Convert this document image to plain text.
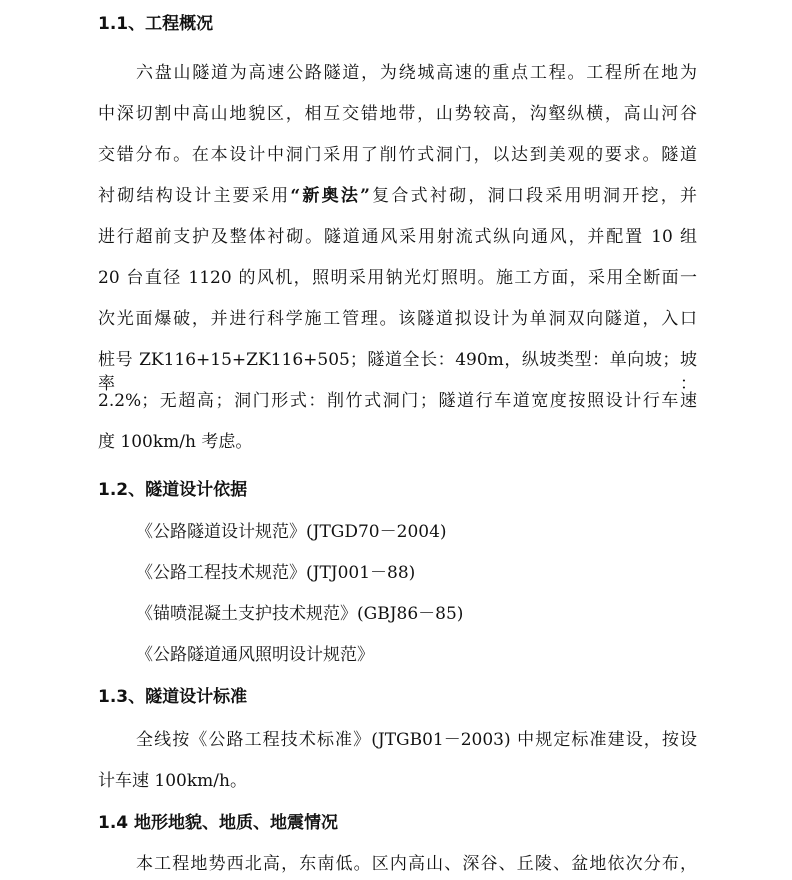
1.1、工程概况
六盘山隧道为高速公路隧道，为绕城高速的重点工程。工程所在地为
中深切割中高山地貌区，相互交错地带，山势较高，沟壑纵横，高山河谷
交错分布。在本设计中洞门采用了削竹式洞门，以达到美观的要求。隧道
衬砌结构设计主要采用“新奥法”复合式衬砌，洞口段采用明洞开挖，并
进行超前支护及整体衬砌。隧道通风采用射流式纵向通风，并配置 10 组
20 台直径 1120 的风机，照明采用钠光灯照明。施工方面，采用全断面一
次光面爆破，并进行科学施工管理。该隧道拟设计为单洞双向隧道，入口
桩号 ZK116+15+ZK116+505；隧道全长：490m，纵坡类型：单向坡；坡率：
2.2%；无超高；洞门形式：削竹式洞门；隧道行车道宽度按照设计行车速
度 100km/h 考虑。
1.2、隧道设计依据
《公路隧道设计规范》(JTGD70－2004)
《公路工程技术规范》(JTJ001－88)
《锚喷混凝土支护技术规范》(GBJ86－85)
《公路隧道通风照明设计规范》
1.3、隧道设计标准
全线按《公路工程技术标准》(JTGB01－2003) 中规定标准建设，按设
计车速 100km/h。
1.4 地形地貌、地质、地震情况
本工程地势西北高，东南低。区内高山、深谷、丘陵、盆地依次分布，
